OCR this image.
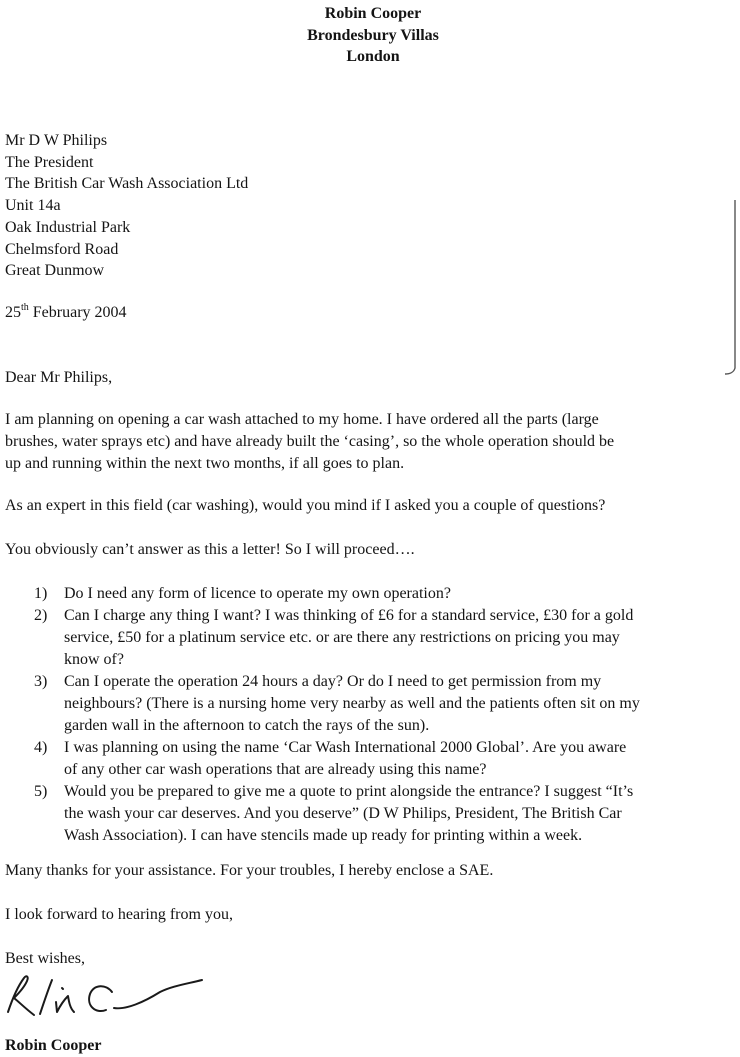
Robin Cooper
Brondesbury Villas
London
Mr D W Philips
The President
The British Car Wash Association Ltd
Unit 14a
Oak Industrial Park
Chelmsford Road
Great Dunmow
25th February 2004
Dear Mr Philips,
I am planning on opening a car wash attached to my home. I have ordered all the parts (large
brushes, water sprays etc) and have already built the ‘casing’, so the whole operation should be
up and running within the next two months, if all goes to plan.
As an expert in this field (car washing), would you mind if I asked you a couple of questions?
You obviously can’t answer as this a letter! So I will proceed….
1) Do I need any form of licence to operate my own operation?
2) Can I charge any thing I want? I was thinking of £6 for a standard service, £30 for a gold
service, £50 for a platinum service etc. or are there any restrictions on pricing you may
know of?
3) Can I operate the operation 24 hours a day? Or do I need to get permission from my
neighbours? (There is a nursing home very nearby as well and the patients often sit on my
garden wall in the afternoon to catch the rays of the sun).
4) I was planning on using the name ‘Car Wash International 2000 Global’. Are you aware
of any other car wash operations that are already using this name?
5) Would you be prepared to give me a quote to print alongside the entrance? I suggest “It’s
the wash your car deserves. And you deserve” (D W Philips, President, The British Car
Wash Association). I can have stencils made up ready for printing within a week.
Many thanks for your assistance. For your troubles, I hereby enclose a SAE.
I look forward to hearing from you,
Best wishes,
Robin Cooper
